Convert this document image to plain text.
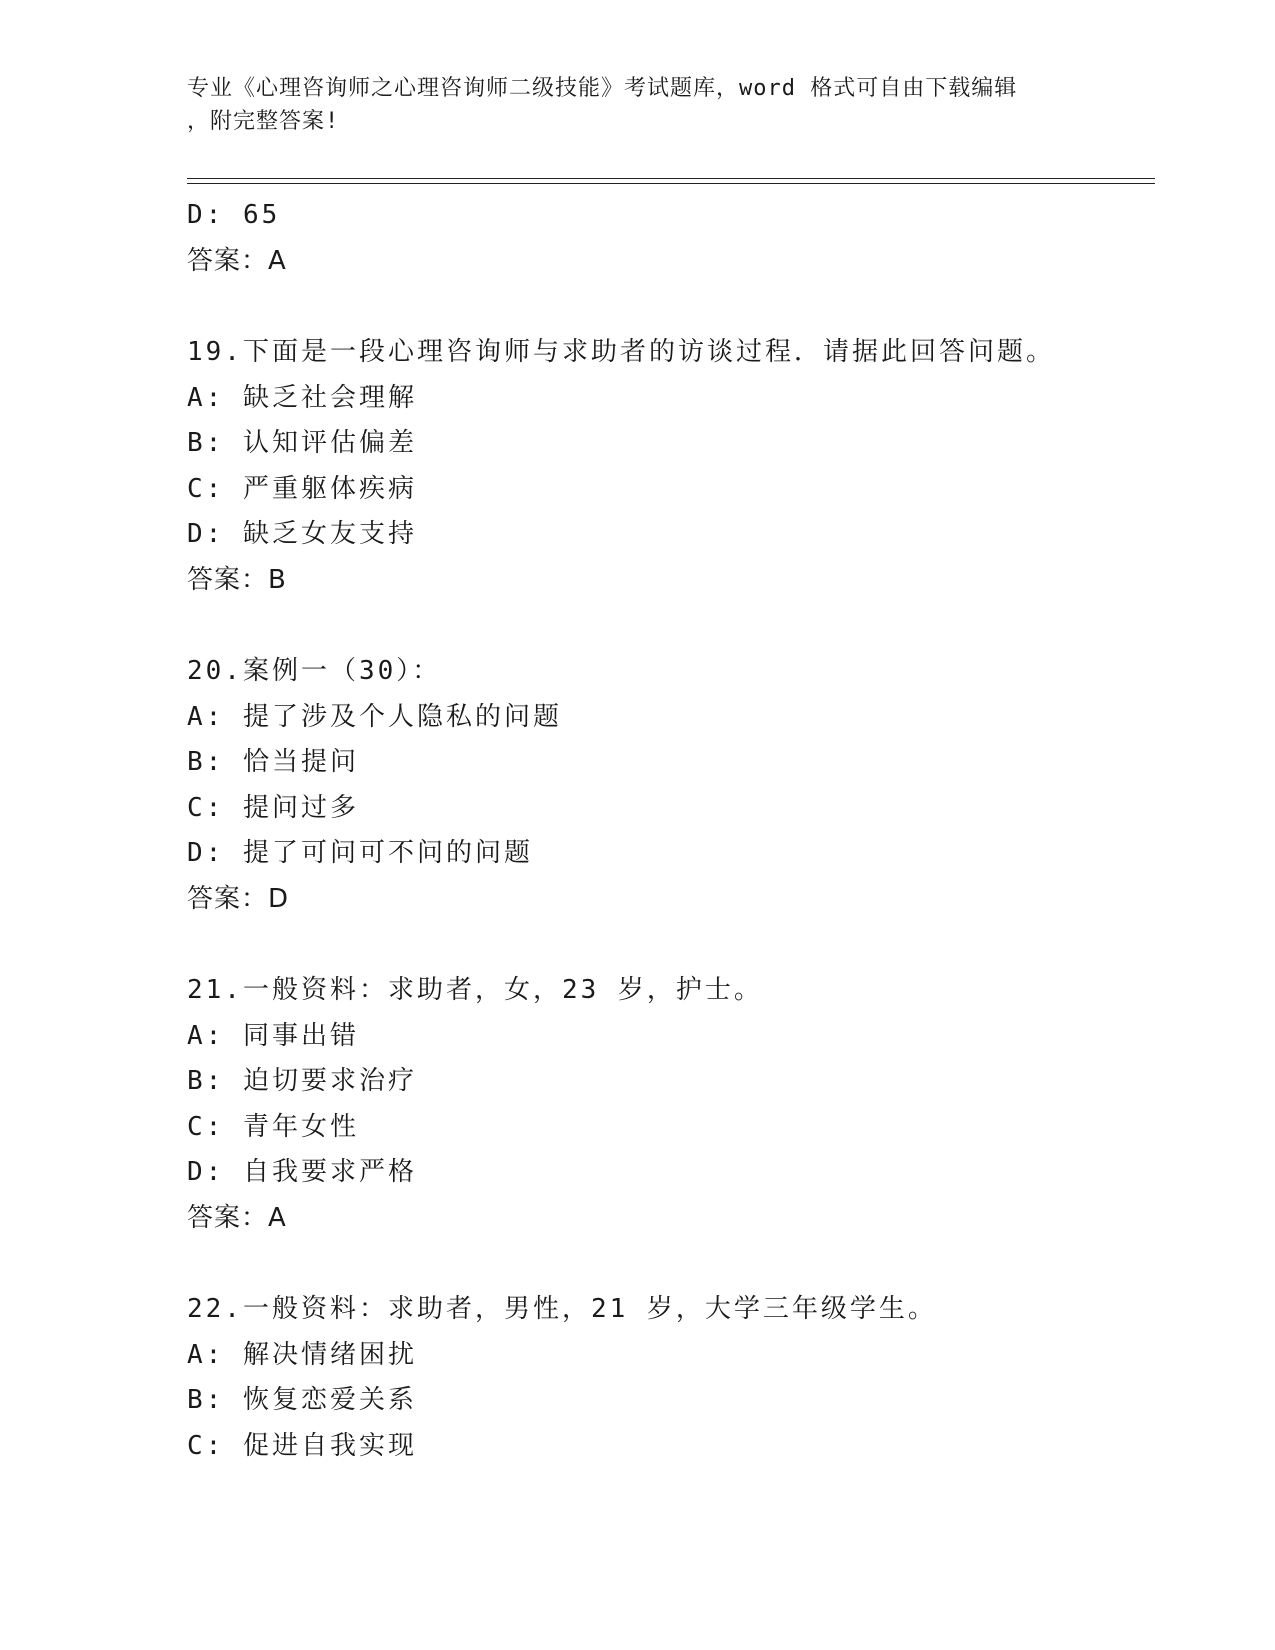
专业《心理咨询师之心理咨询师二级技能》考试题库，word 格式可自由下载编辑
，附完整答案!
D: 65
答案：A
19.下面是一段心理咨询师与求助者的访谈过程．请据此回答问题。
A: 缺乏社会理解
B: 认知评估偏差
C: 严重躯体疾病
D: 缺乏女友支持
答案：B
20.案例一（30）：
A: 提了涉及个人隐私的问题
B: 恰当提问
C: 提问过多
D: 提了可问可不问的问题
答案：D
21.一般资料：求助者，女，23 岁，护士。
A: 同事出错
B: 迫切要求治疗
C: 青年女性
D: 自我要求严格
答案：A
22.一般资料：求助者，男性，21 岁，大学三年级学生。
A: 解决情绪困扰
B: 恢复恋爱关系
C: 促进自我实现
